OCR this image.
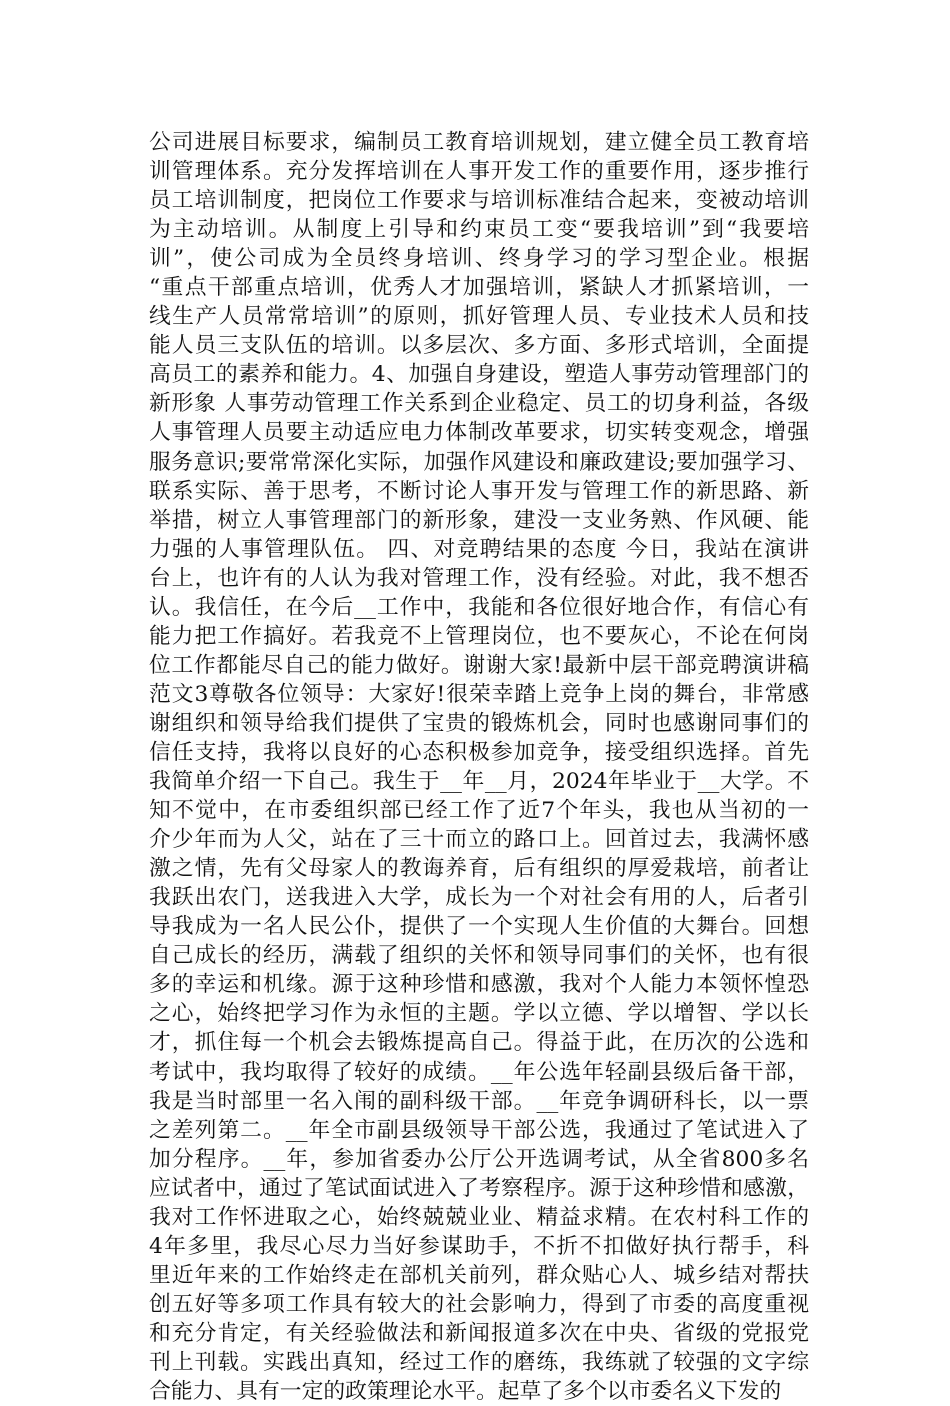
公司进展目标要求，编制员工教育培训规划，建立健全员工教育培
训管理体系。充分发挥培训在人事开发工作的重要作用，逐步推行
员工培训制度，把岗位工作要求与培训标准结合起来，变被动培训
为主动培训。从制度上引导和约束员工变“要我培训”到“我要培
训”，使公司成为全员终身培训、终身学习的学习型企业。根据
“重点干部重点培训，优秀人才加强培训，紧缺人才抓紧培训，一
线生产人员常常培训”的原则，抓好管理人员、专业技术人员和技
能人员三支队伍的培训。以多层次、多方面、多形式培训，全面提
高员工的素养和能力。4、加强自身建设，塑造人事劳动管理部门的
新形象 人事劳动管理工作关系到企业稳定、员工的切身利益，各级
人事管理人员要主动适应电力体制改革要求，切实转变观念，增强
服务意识;要常常深化实际，加强作风建设和廉政建设;要加强学习、
联系实际、善于思考，不断讨论人事开发与管理工作的新思路、新
举措，树立人事管理部门的新形象，建没一支业务熟、作风硬、能
力强的人事管理队伍。 四、对竞聘结果的态度 今日，我站在演讲
台上，也许有的人认为我对管理工作，没有经验。对此，我不想否
认。我信任，在今后__工作中，我能和各位很好地合作，有信心有
能力把工作搞好。若我竞不上管理岗位，也不要灰心，不论在何岗
位工作都能尽自己的能力做好。谢谢大家!最新中层干部竞聘演讲稿
范文3尊敬各位领导：大家好!很荣幸踏上竞争上岗的舞台，非常感
谢组织和领导给我们提供了宝贵的锻炼机会，同时也感谢同事们的
信任支持，我将以良好的心态积极参加竞争，接受组织选择。首先
我简单介绍一下自己。我生于__年__月，2024年毕业于__大学。不
知不觉中，在市委组织部已经工作了近7个年头，我也从当初的一
介少年而为人父，站在了三十而立的路口上。回首过去，我满怀感
激之情，先有父母家人的教诲养育，后有组织的厚爱栽培，前者让
我跃出农门，送我进入大学，成长为一个对社会有用的人，后者引
导我成为一名人民公仆，提供了一个实现人生价值的大舞台。回想
自己成长的经历，满载了组织的关怀和领导同事们的关怀，也有很
多的幸运和机缘。源于这种珍惜和感激，我对个人能力本领怀惶恐
之心，始终把学习作为永恒的主题。学以立德、学以增智、学以长
才，抓住每一个机会去锻炼提高自己。得益于此，在历次的公选和
考试中，我均取得了较好的成绩。__年公选年轻副县级后备干部，
我是当时部里一名入闱的副科级干部。__年竞争调研科长，以一票
之差列第二。__年全市副县级领导干部公选，我通过了笔试进入了
加分程序。__年，参加省委办公厅公开选调考试，从全省800多名
应试者中，通过了笔试面试进入了考察程序。源于这种珍惜和感激，
我对工作怀进取之心，始终兢兢业业、精益求精。在农村科工作的
4年多里，我尽心尽力当好参谋助手，不折不扣做好执行帮手，科
里近年来的工作始终走在部机关前列，群众贴心人、城乡结对帮扶
创五好等多项工作具有较大的社会影响力，得到了市委的高度重视
和充分肯定，有关经验做法和新闻报道多次在中央、省级的党报党
刊上刊载。实践出真知，经过工作的磨练，我练就了较强的文字综
合能力、具有一定的政策理论水平。起草了多个以市委名义下发的
